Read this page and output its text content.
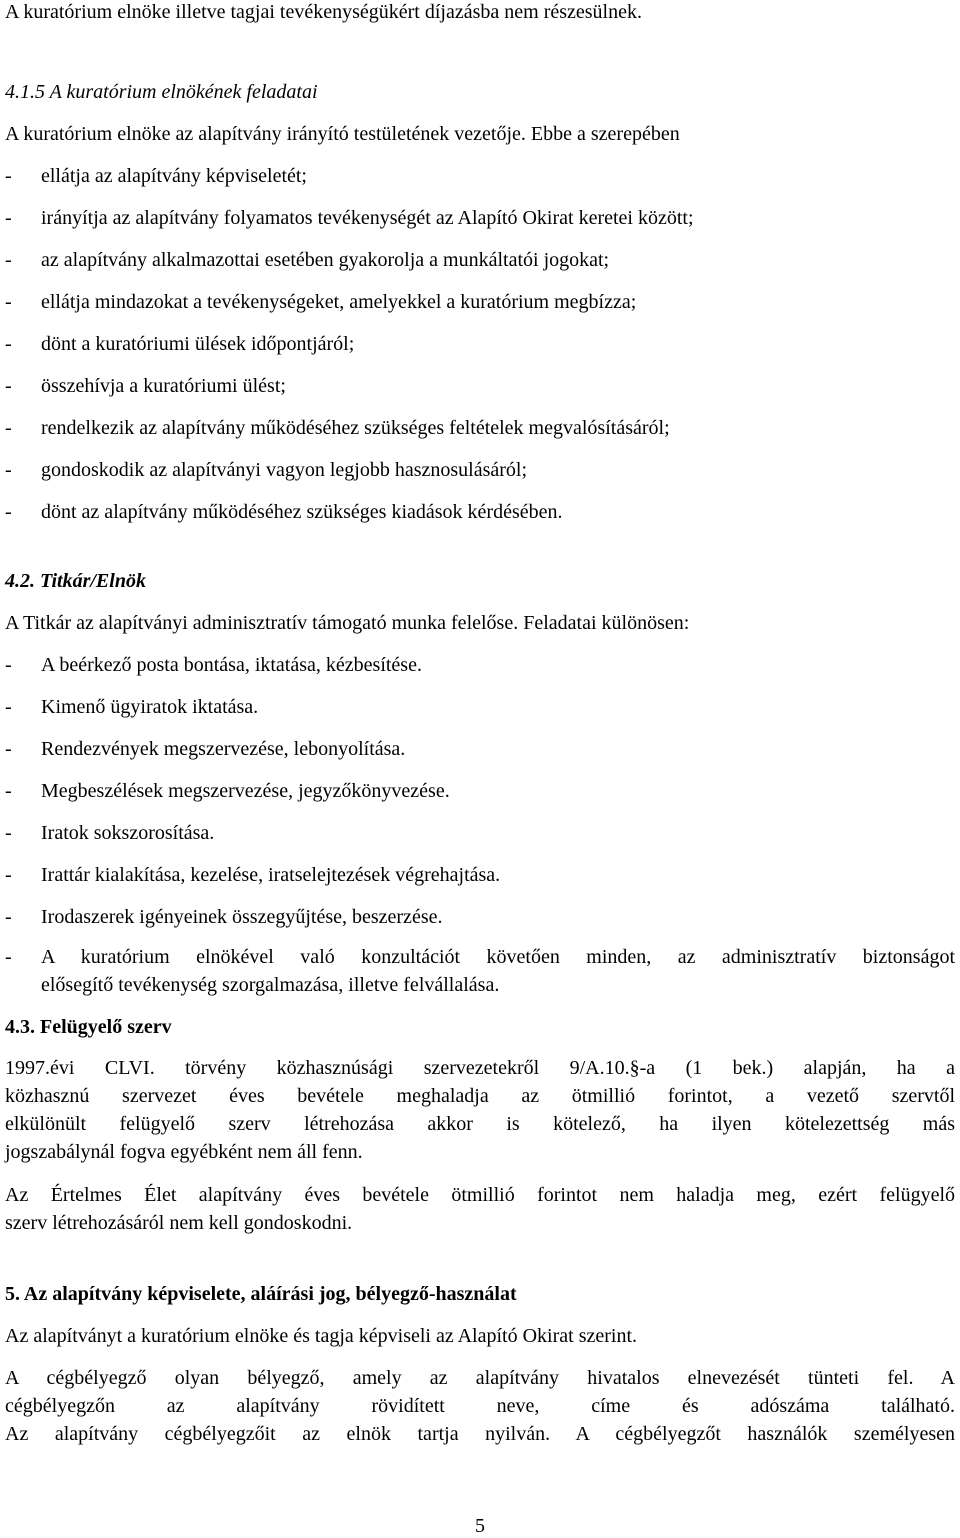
A kuratórium elnöke illetve tagjai tevékenységükért díjazásba nem részesülnek.
4.1.5 A kuratórium elnökének feladatai
A kuratórium elnöke az alapítvány irányító testületének vezetője. Ebbe a szerepében
- ellátja az alapítvány képviseletét;
- irányítja az alapítvány folyamatos tevékenységét az Alapító Okirat keretei között;
- az alapítvány alkalmazottai esetében gyakorolja a munkáltatói jogokat;
- ellátja mindazokat a tevékenységeket, amelyekkel a kuratórium megbízza;
- dönt a kuratóriumi ülések időpontjáról;
- összehívja a kuratóriumi ülést;
- rendelkezik az alapítvány működéséhez szükséges feltételek megvalósításáról;
- gondoskodik az alapítványi vagyon legjobb hasznosulásáról;
- dönt az alapítvány működéséhez szükséges kiadások kérdésében.
4.2. Titkár/Elnök
A Titkár az alapítványi adminisztratív támogató munka felelőse. Feladatai különösen:
- A beérkező posta bontása, iktatása, kézbesítése.
- Kimenő ügyiratok iktatása.
- Rendezvények megszervezése, lebonyolítása.
- Megbeszélések megszervezése, jegyzőkönyvezése.
- Iratok sokszorosítása.
- Irattár kialakítása, kezelése, iratselejtezések végrehajtása.
- Irodaszerek igényeinek összegyűjtése, beszerzése.
- A kuratórium elnökével való konzultációt követően minden, az adminisztratív biztonságot
elősegítő tevékenység szorgalmazása, illetve felvállalása.
4.3. Felügyelő szerv
1997.évi CLVI. törvény közhasznúsági szervezetekről 9/A.10.§-a (1 bek.) alapján, ha a
közhasznú szervezet éves bevétele meghaladja az ötmillió forintot, a vezető szervtől
elkülönült felügyelő szerv létrehozása akkor is kötelező, ha ilyen kötelezettség más
jogszabálynál fogva egyébként nem áll fenn.
Az Értelmes Élet alapítvány éves bevétele ötmillió forintot nem haladja meg, ezért felügyelő
szerv létrehozásáról nem kell gondoskodni.
5. Az alapítvány képviselete, aláírási jog, bélyegző-használat
Az alapítványt a kuratórium elnöke és tagja képviseli az Alapító Okirat szerint.
A cégbélyegző olyan bélyegző, amely az alapítvány hivatalos elnevezését tünteti fel. A
cégbélyegzőn az alapítvány rövidített neve, címe és adószáma található.
Az alapítvány cégbélyegzőit az elnök tartja nyilván. A cégbélyegzőt használók személyesen
5
